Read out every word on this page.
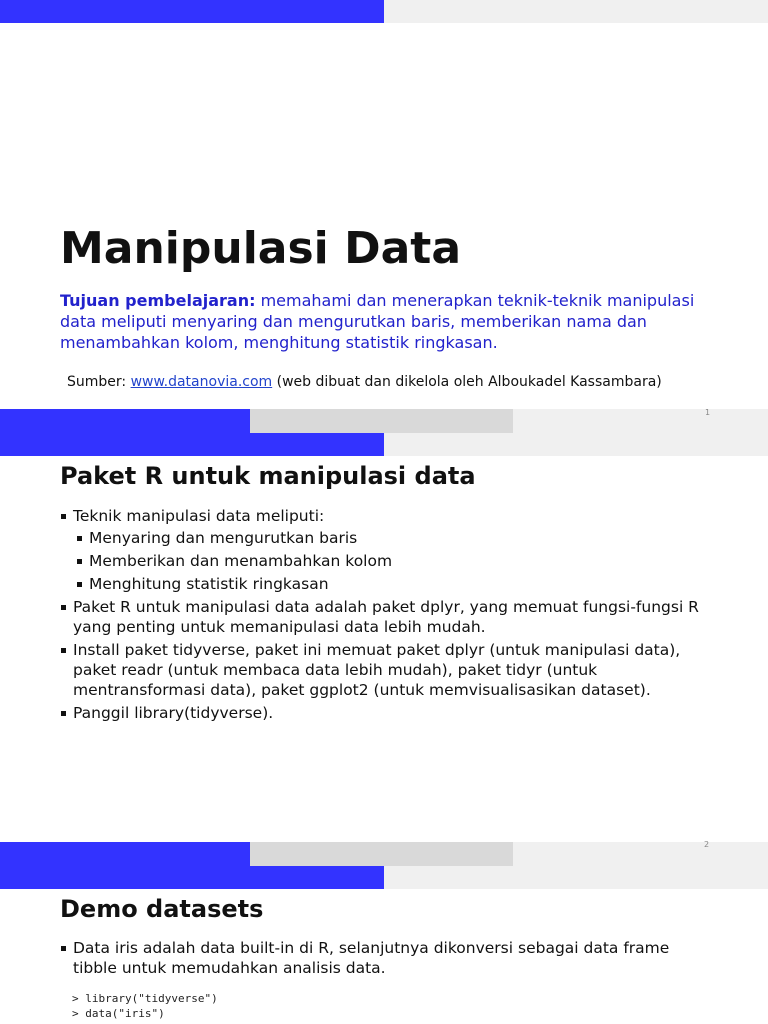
Manipulasi Data
Tujuan pembelajaran: memahami dan menerapkan teknik-teknik manipulasi data meliputi menyaring dan mengurutkan baris, memberikan nama dan menambahkan kolom, menghitung statistik ringkasan.
Sumber: www.datanovia.com (web dibuat dan dikelola oleh Alboukadel Kassambara)
1
Paket R untuk manipulasi data
Teknik manipulasi data meliputi:
Menyaring dan mengurutkan baris
Memberikan dan menambahkan kolom
Menghitung statistik ringkasan
Paket R untuk manipulasi data adalah paket dplyr, yang memuat fungsi-fungsi R yang penting untuk memanipulasi data lebih mudah.
Install paket tidyverse, paket ini memuat paket dplyr (untuk manipulasi data), paket readr (untuk membaca data lebih mudah), paket tidyr (untuk mentransformasi data), paket ggplot2 (untuk memvisualisasikan dataset).
Panggil library(tidyverse).
2
Demo datasets
Data iris adalah data built-in di R, selanjutnya dikonversi sebagai data frame tibble untuk memudahkan analisis data.
> library("tidyverse")
> data("iris")
